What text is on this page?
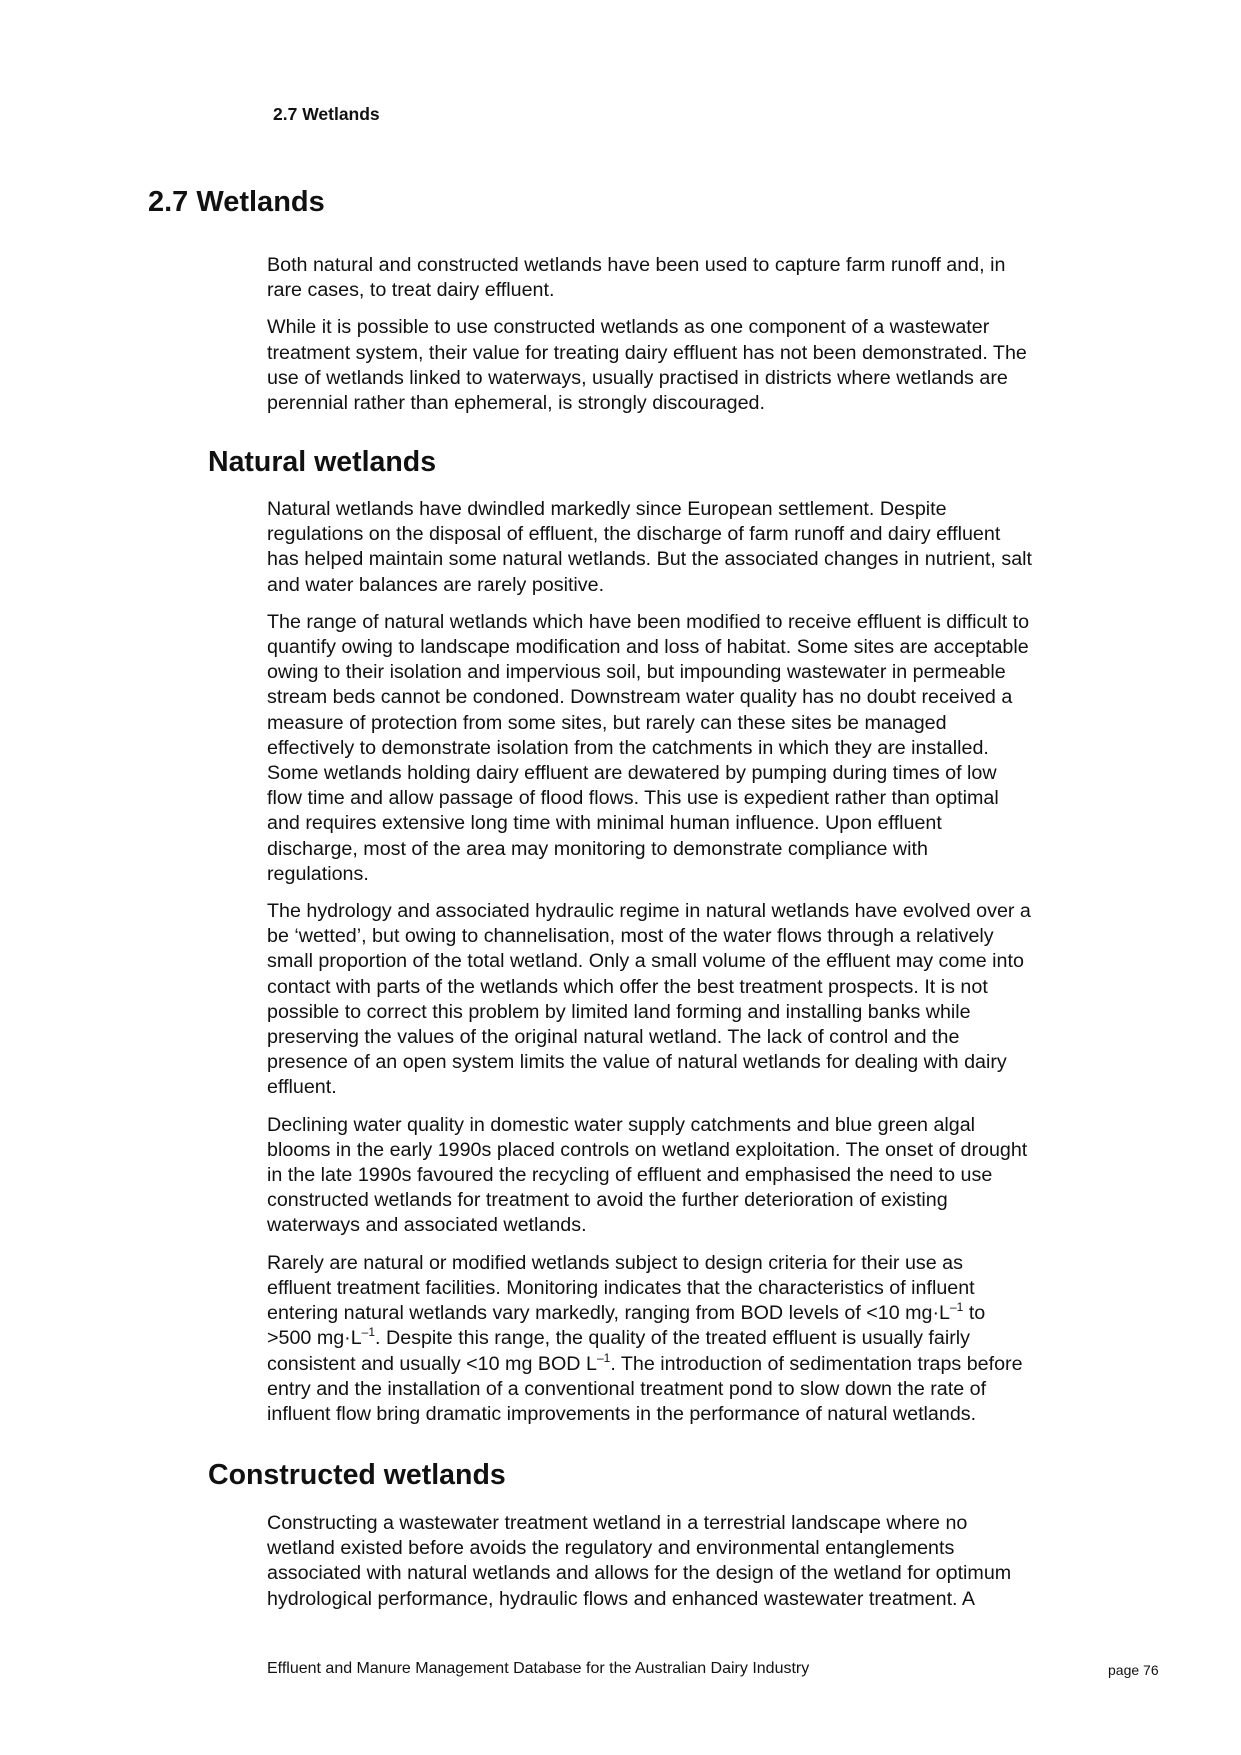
2.7 Wetlands
2.7 Wetlands

Both natural and constructed wetlands have been used to capture farm runoff and, in
rare cases, to treat dairy effluent.

While it is possible to use constructed wetlands as one component of a wastewater
treatment system, their value for treating dairy effluent has not been demonstrated. The
use of wetlands linked to waterways, usually practised in districts where wetlands are
perennial rather than ephemeral, is strongly discouraged.

Natural wetlands

Natural wetlands have dwindled markedly since European settlement. Despite
regulations on the disposal of effluent, the discharge of farm runoff and dairy effluent
has helped maintain some natural wetlands. But the associated changes in nutrient, salt
and water balances are rarely positive.

The range of natural wetlands which have been modified to receive effluent is difficult to
quantify owing to landscape modification and loss of habitat. Some sites are acceptable
owing to their isolation and impervious soil, but impounding wastewater in permeable
stream beds cannot be condoned. Downstream water quality has no doubt received a
measure of protection from some sites, but rarely can these sites be managed
effectively to demonstrate isolation from the catchments in which they are installed.
Some wetlands holding dairy effluent are dewatered by pumping during times of low
flow time and allow passage of flood flows. This use is expedient rather than optimal
and requires extensive long time with minimal human influence. Upon effluent
discharge, most of the area may monitoring to demonstrate compliance with
regulations.

The hydrology and associated hydraulic regime in natural wetlands have evolved over a
be ‘wetted’, but owing to channelisation, most of the water flows through a relatively
small proportion of the total wetland. Only a small volume of the effluent may come into
contact with parts of the wetlands which offer the best treatment prospects. It is not
possible to correct this problem by limited land forming and installing banks while
preserving the values of the original natural wetland. The lack of control and the
presence of an open system limits the value of natural wetlands for dealing with dairy
effluent.

Declining water quality in domestic water supply catchments and blue green algal
blooms in the early 1990s placed controls on wetland exploitation. The onset of drought
in the late 1990s favoured the recycling of effluent and emphasised the need to use
constructed wetlands for treatment to avoid the further deterioration of existing
waterways and associated wetlands.

Rarely are natural or modified wetlands subject to design criteria for their use as
effluent treatment facilities. Monitoring indicates that the characteristics of influent
entering natural wetlands vary markedly, ranging from BOD levels of <10 $mg\cdot L^{-1}$ to
>500 $mg\cdot L^{-1}$. Despite this range, the quality of the treated effluent is usually fairly
consistent and usually <10 mg BOD $L^{-1}$. The introduction of sedimentation traps before
entry and the installation of a conventional treatment pond to slow down the rate of
influent flow bring dramatic improvements in the performance of natural wetlands.

Constructed wetlands

Constructing a wastewater treatment wetland in a terrestrial landscape where no
wetland existed before avoids the regulatory and environmental entanglements
associated with natural wetlands and allows for the design of the wetland for optimum
hydrological performance, hydraulic flows and enhanced wastewater treatment. A

Effluent and Manure Management Database for the Australian Dairy Industry	page 76
